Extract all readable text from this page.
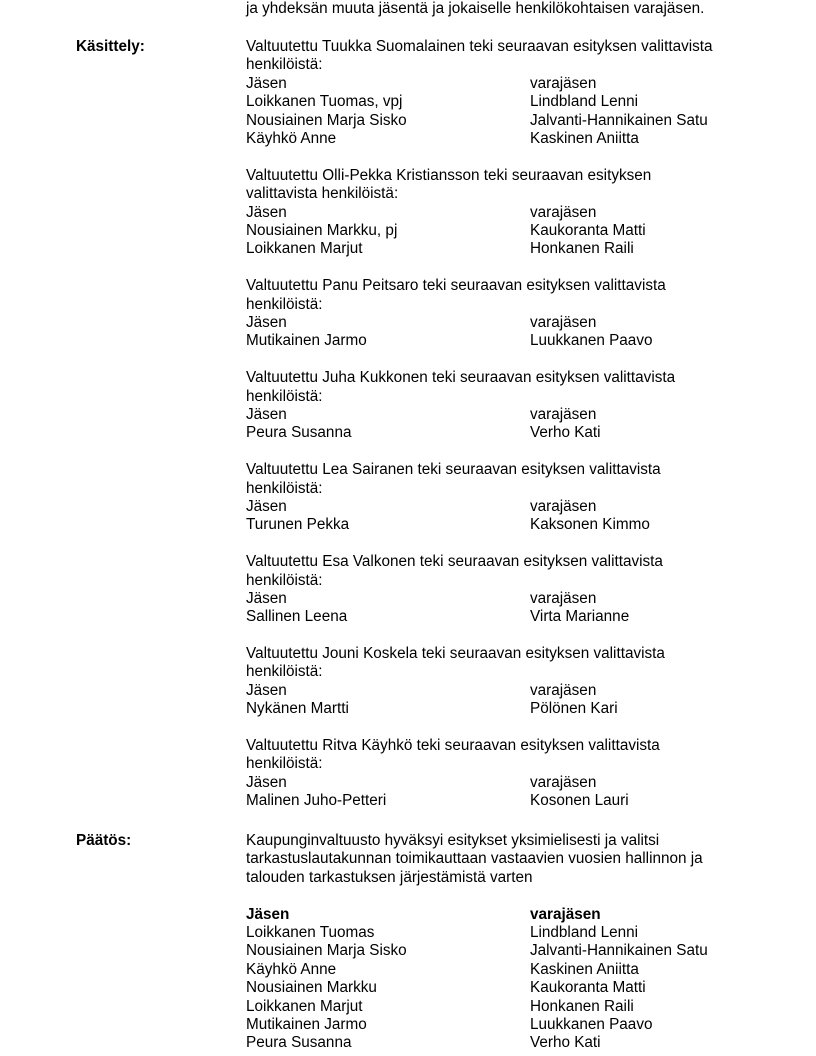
ja yhdeksän muuta jäsentä ja jokaiselle henkilökohtaisen varajäsen.
Käsittely:	Valtuutettu Tuukka Suomalainen teki seuraavan esityksen valittavista henkilöistä:

Jäsen	varajäsen
Loikkanen Tuomas, vpj	Lindbland Lenni
Nousiainen Marja Sisko	Jalvanti-Hannikainen Satu
Käyhkö Anne	Kaskinen Aniitta

Valtuutettu Olli-Pekka Kristiansson teki seuraavan esityksen valittavista henkilöistä:

Jäsen	varajäsen
Nousiainen Markku, pj	Kaukoranta Matti
Loikkanen Marjut	Honkanen Raili

Valtuutettu Panu Peitsaro teki seuraavan esityksen valittavista henkilöistä:

Jäsen	varajäsen
Mutikainen Jarmo	Luukkanen Paavo

Valtuutettu Juha Kukkonen teki seuraavan esityksen valittavista henkilöistä:

Jäsen	varajäsen
Peura Susanna	Verho Kati

Valtuutettu Lea Sairanen teki seuraavan esityksen valittavista henkilöistä:

Jäsen	varajäsen
Turunen Pekka	Kaksonen Kimmo

Valtuutettu Esa Valkonen teki seuraavan esityksen valittavista henkilöistä:

Jäsen	varajäsen
Sallinen Leena	Virta Marianne

Valtuutettu Jouni Koskela teki seuraavan esityksen valittavista henkilöistä:

Jäsen	varajäsen
Nykänen Martti	Pölönen Kari

Valtuutettu Ritva Käyhkö teki seuraavan esityksen valittavista henkilöistä:

Jäsen	varajäsen
Malinen Juho-Petteri	Kosonen Lauri
Päätös:	Kaupunginvaltuusto hyväksyi esitykset yksimielisesti ja valitsi tarkastuslautakunnan toimikauttaan vastaavien vuosien hallinnon ja talouden tarkastuksen järjestämistä varten

Jäsen	varajäsen
Loikkanen Tuomas	Lindbland Lenni
Nousiainen Marja Sisko	Jalvanti-Hannikainen Satu
Käyhkö Anne	Kaskinen Aniitta
Nousiainen Markku	Kaukoranta Matti
Loikkanen Marjut	Honkanen Raili
Mutikainen Jarmo	Luukkanen Paavo
Peura Susanna	Verho Kati
